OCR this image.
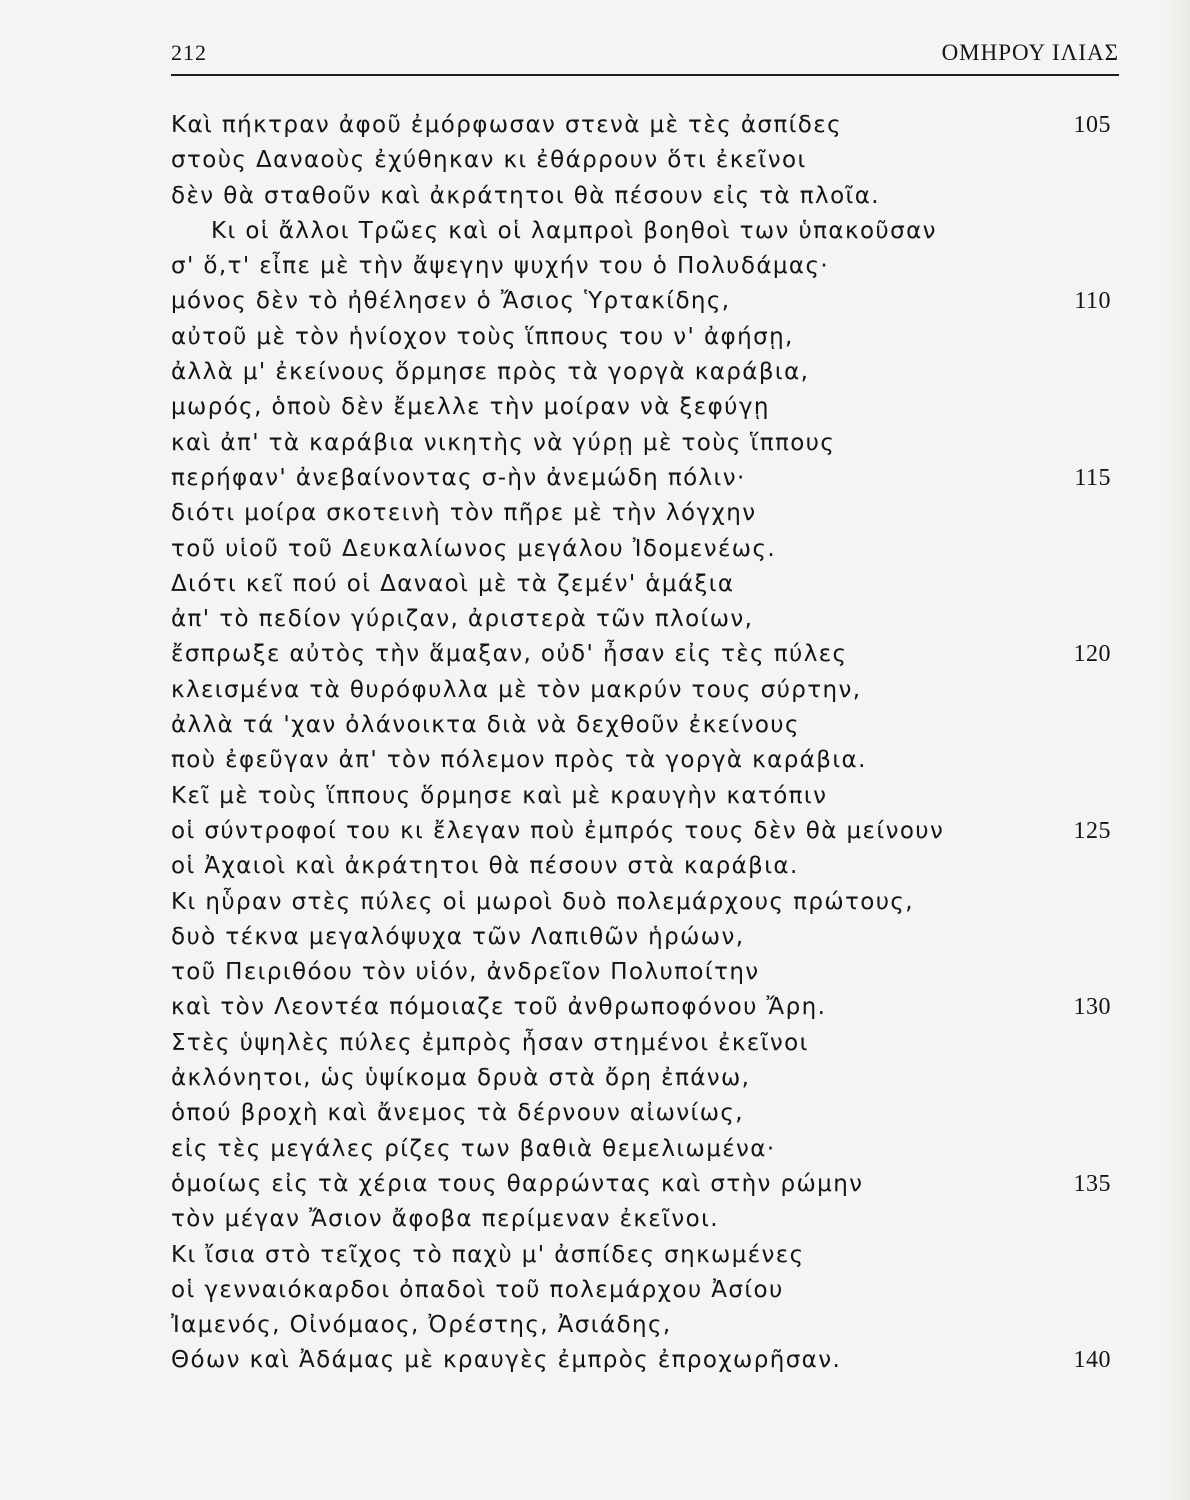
212	ΟΜΗΡΟΥ ΙΛΙΑΣ
Καὶ πήκτραν ἀφοῦ ἐμόρφωσαν στενὰ μὲ τὲς ἀσπίδες	105
στοὺς Δαναοὺς ἐχύθηκαν κι ἐθάρρουν ὅτι ἐκεῖνοι
δὲν θὰ σταθοῦν καὶ ἀκράτητοι θὰ πέσουν εἰς τὰ πλοῖα.
Κι οἱ ἄλλοι Τρῶες καὶ οἱ λαμπροὶ βοηθοὶ των ὑπακοῦσαν
σ' ὅ,τ' εἶπε μὲ τὴν ἄψεγην ψυχήν του ὁ Πολυδάμας·
μόνος δὲν τὸ ἠθέλησεν ὁ Ἄσιος Ὑρτακίδης,	110
αὐτοῦ μὲ τὸν ἡνίοχον τοὺς ἵππους του ν' ἀφήσῃ,
ἀλλὰ μ' ἐκείνους ὅρμησε πρὸς τὰ γοργὰ καράβια,
μωρός, ὁποὺ δὲν ἔμελλε τὴν μοίραν νὰ ξεφύγῃ
καὶ ἀπ' τὰ καράβια νικητὴς νὰ γύρῃ μὲ τοὺς ἵππους
περήφαν' ἀνεβαίνοντας σ-ὴν ἀνεμώδη πόλιν·	115
διότι μοίρα σκοτεινὴ τὸν πῆρε μὲ τὴν λόγχην
τοῦ υἱοῦ τοῦ Δευκαλίωνος μεγάλου Ἰδομενέως.
Διότι κεῖ πού οἱ Δαναοὶ μὲ τὰ ζεμέν' ἁμάξια
ἀπ' τὸ πεδίον γύριζαν, ἀριστερὰ τῶν πλοίων,
ἔσπρωξε αὐτὸς τὴν ἅμαξαν, οὐδ' ἦσαν εἰς τὲς πύλες	120
κλεισμένα τὰ θυρόφυλλα μὲ τὸν μακρύν τους σύρτην,
ἀλλὰ τά 'χαν ὀλάνοικτα διὰ νὰ δεχθοῦν ἐκείνους
ποὺ ἐφεῦγαν ἀπ' τὸν πόλεμον πρὸς τὰ γοργὰ καράβια.
Κεῖ μὲ τοὺς ἵππους ὅρμησε καὶ μὲ κραυγὴν κατόπιν
οἱ σύντροφοί του κι ἔλεγαν ποὺ ἐμπρός τους δὲν θὰ μείνουν	125
οἱ Ἀχαιοὶ καὶ ἀκράτητοι θὰ πέσουν στὰ καράβια.
Κι ηὗραν στὲς πύλες οἱ μωροὶ δυὸ πολεμάρχους πρώτους,
δυὸ τέκνα μεγαλόψυχα τῶν Λαπιθῶν ἡρώων,
τοῦ Πειριθόου τὸν υἱόν, ἀνδρεῖον Πολυποίτην
καὶ τὸν Λεοντέα πόμοιαζε τοῦ ἀνθρωποφόνου Ἄρη.	130
Στὲς ὑψηλὲς πύλες ἐμπρὸς ἦσαν στημένοι ἐκεῖνοι
ἀκλόνητοι, ὡς ὑψίκομα δρυὰ στὰ ὄρη ἐπάνω,
ὁπού βροχὴ καὶ ἄνεμος τὰ δέρνουν αἰωνίως,
εἰς τὲς μεγάλες ρίζες των βαθιὰ θεμελιωμένα·
ὁμοίως εἰς τὰ χέρια τους θαρρώντας καὶ στὴν ρώμην	135
τὸν μέγαν Ἄσιον ἄφοβα περίμεναν ἐκεῖνοι.
Κι ἴσια στὸ τεῖχος τὸ παχὺ μ' ἀσπίδες σηκωμένες
οἱ γενναιόκαρδοι ὀπαδοὶ τοῦ πολεμάρχου Ἀσίου
Ἰαμενός, Οἰνόμαος, Ὀρέστης, Ἀσιάδης,
Θόων καὶ Ἀδάμας μὲ κραυγὲς ἐμπρὸς ἐπροχωρῆσαν.	140
